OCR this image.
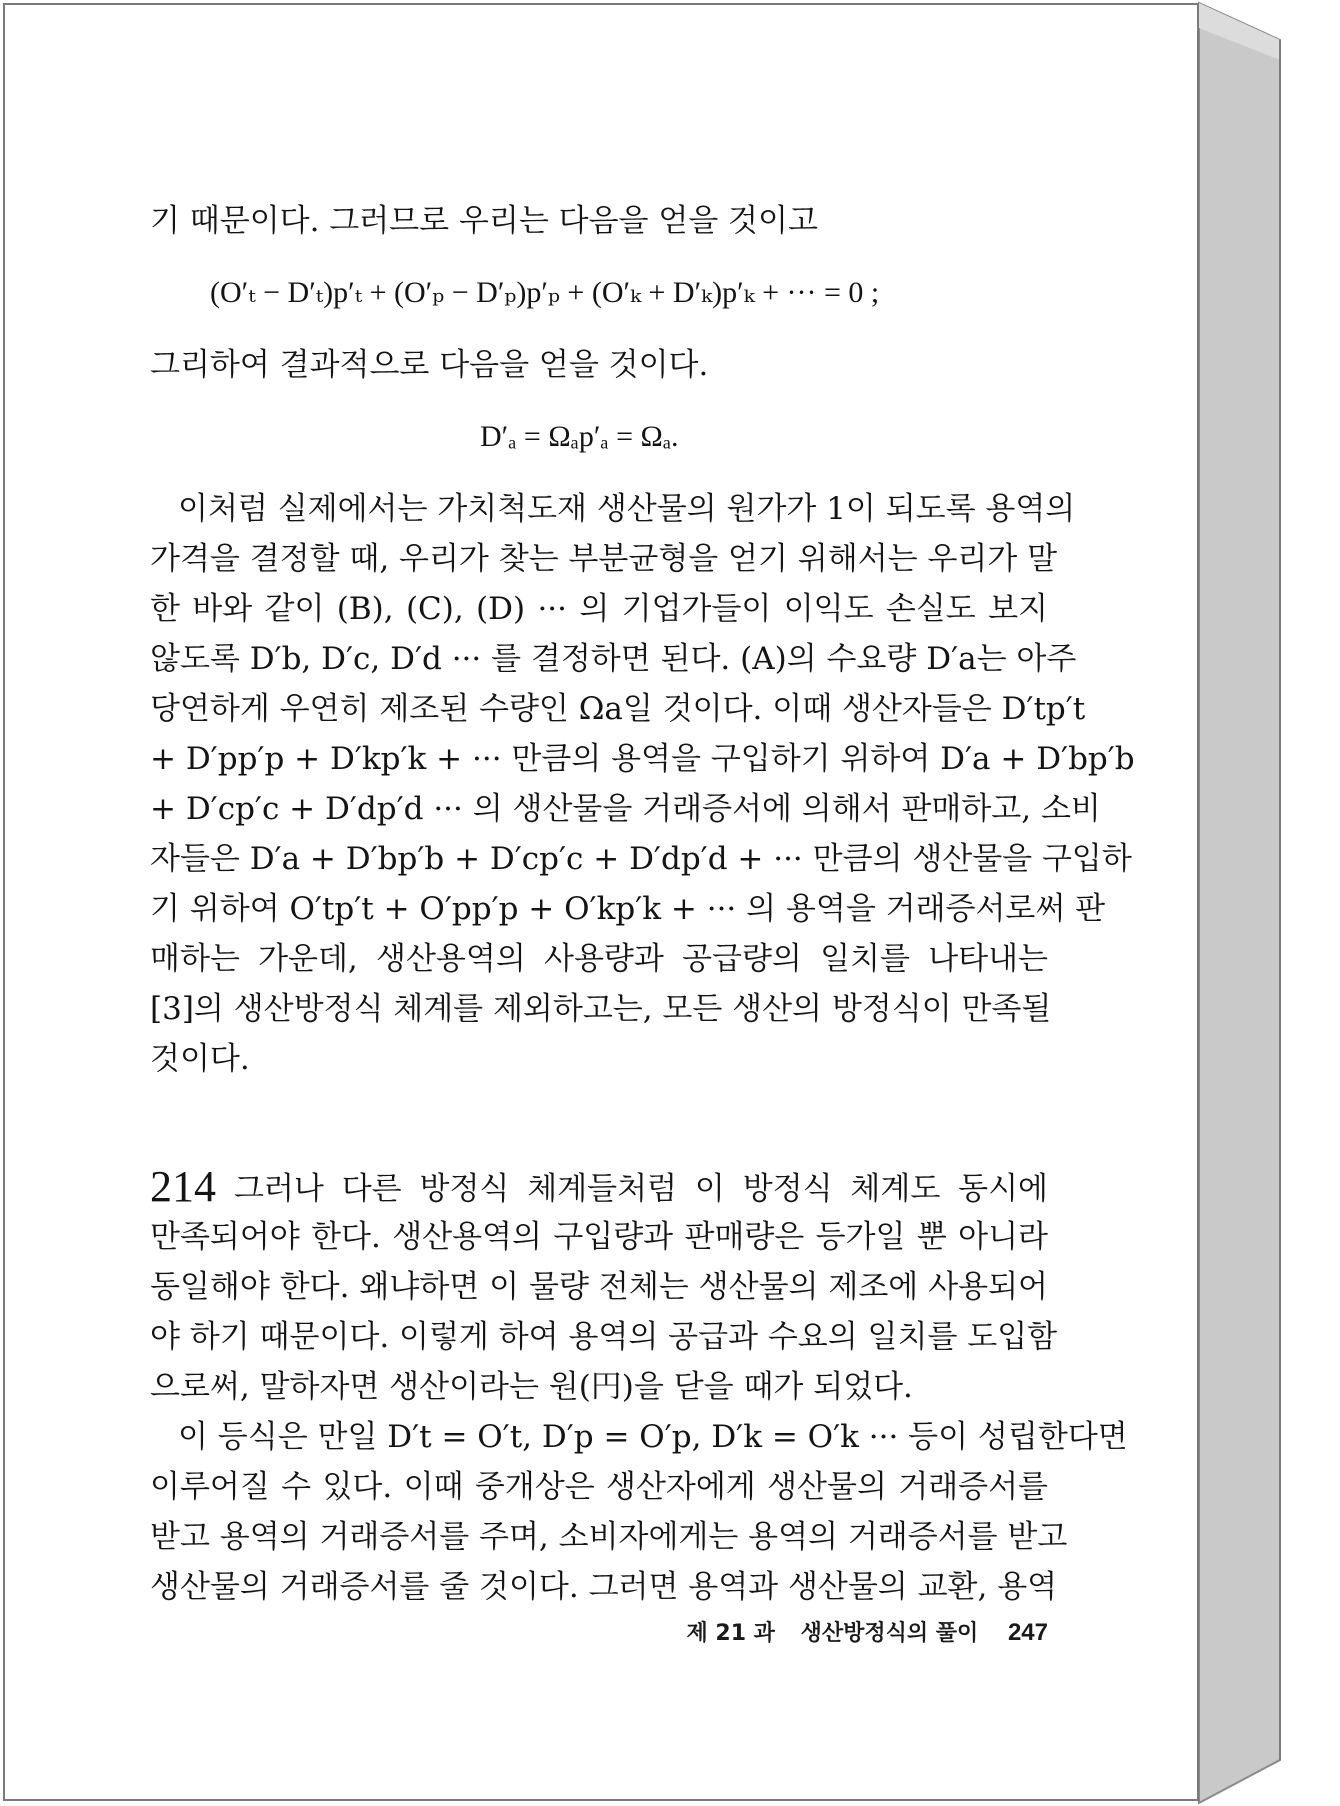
기 때문이다. 그러므로 우리는 다음을 얻을 것이고
(O′ₜ − D′ₜ)p′ₜ + (O′ₚ − D′ₚ)p′ₚ + (O′ₖ + D′ₖ)p′ₖ + ··· = 0 ;
그리하여 결과적으로 다음을 얻을 것이다.
D′ₐ = Ωₐp′ₐ = Ωₐ.
이처럼 실제에서는 가치척도재 생산물의 원가가 1이 되도록 용역의
가격을 결정할 때, 우리가 찾는 부분균형을 얻기 위해서는 우리가 말
한 바와 같이 (B), (C), (D) ··· 의 기업가들이 이익도 손실도 보지
않도록 D′b, D′c, D′d ··· 를 결정하면 된다. (A)의 수요량 D′a는 아주
당연하게 우연히 제조된 수량인 Ωa일 것이다. 이때 생산자들은 D′tp′t
+ D′pp′p + D′kp′k + ··· 만큼의 용역을 구입하기 위하여 D′a + D′bp′b
+ D′cp′c + D′dp′d ··· 의 생산물을 거래증서에 의해서 판매하고, 소비
자들은 D′a + D′bp′b + D′cp′c + D′dp′d + ··· 만큼의 생산물을 구입하
기 위하여 O′tp′t + O′pp′p + O′kp′k + ··· 의 용역을 거래증서로써 판
매하는 가운데, 생산용역의 사용량과 공급량의 일치를 나타내는
[3]의 생산방정식 체계를 제외하고는, 모든 생산의 방정식이 만족될
것이다.
214 그러나 다른 방정식 체계들처럼 이 방정식 체계도 동시에
만족되어야 한다. 생산용역의 구입량과 판매량은 등가일 뿐 아니라
동일해야 한다. 왜냐하면 이 물량 전체는 생산물의 제조에 사용되어
야 하기 때문이다. 이렇게 하여 용역의 공급과 수요의 일치를 도입함
으로써, 말하자면 생산이라는 원(円)을 닫을 때가 되었다.
이 등식은 만일 D′t = O′t, D′p = O′p, D′k = O′k ··· 등이 성립한다면
이루어질 수 있다. 이때 중개상은 생산자에게 생산물의 거래증서를
받고 용역의 거래증서를 주며, 소비자에게는 용역의 거래증서를 받고
생산물의 거래증서를 줄 것이다. 그러면 용역과 생산물의 교환, 용역
제 21 과 생산방정식의 풀이 247
